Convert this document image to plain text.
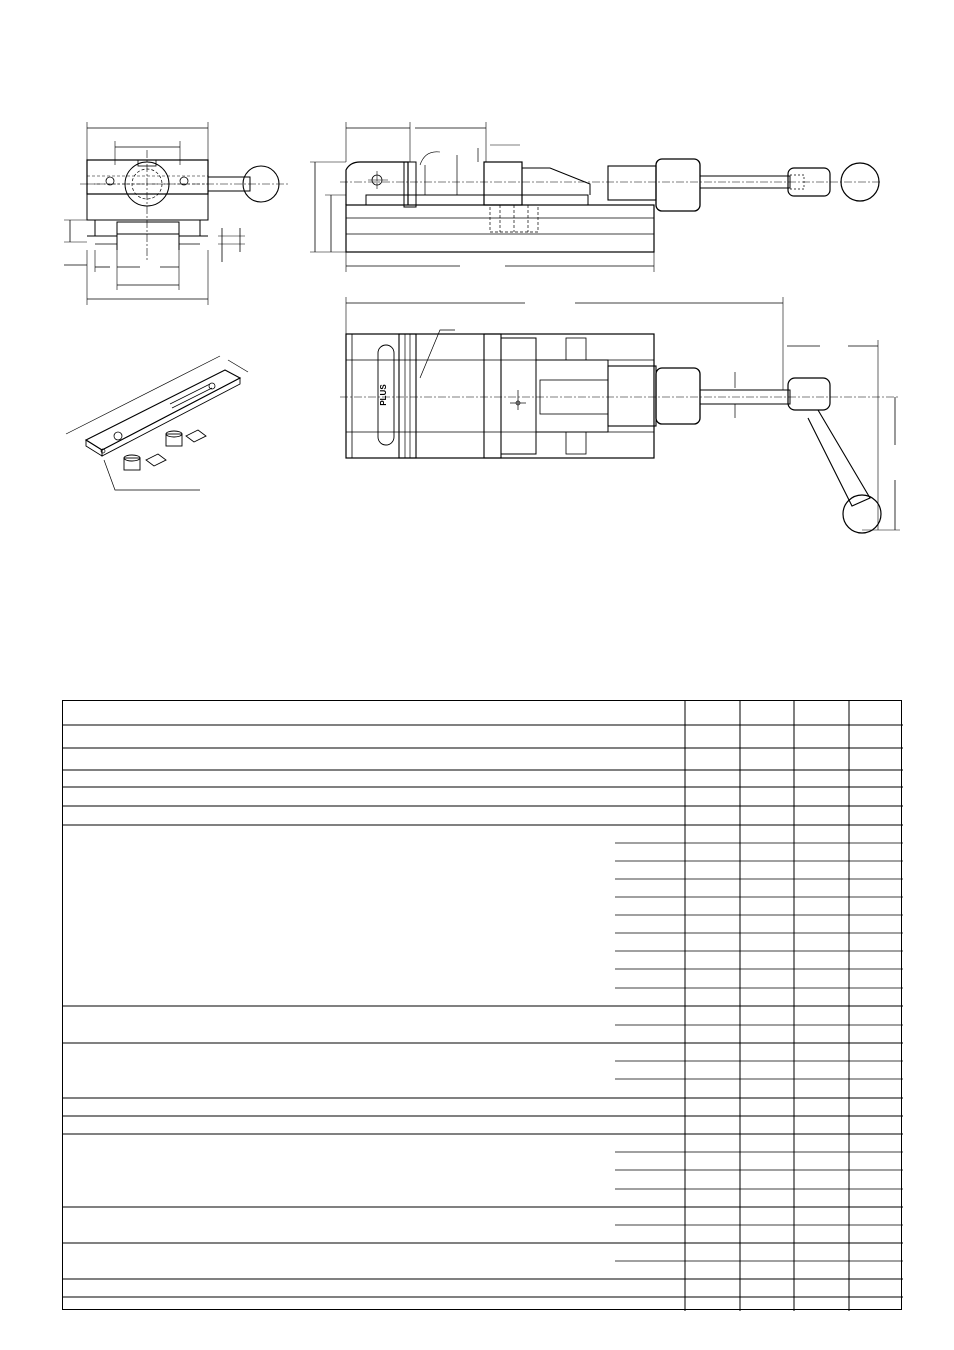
PLUS
